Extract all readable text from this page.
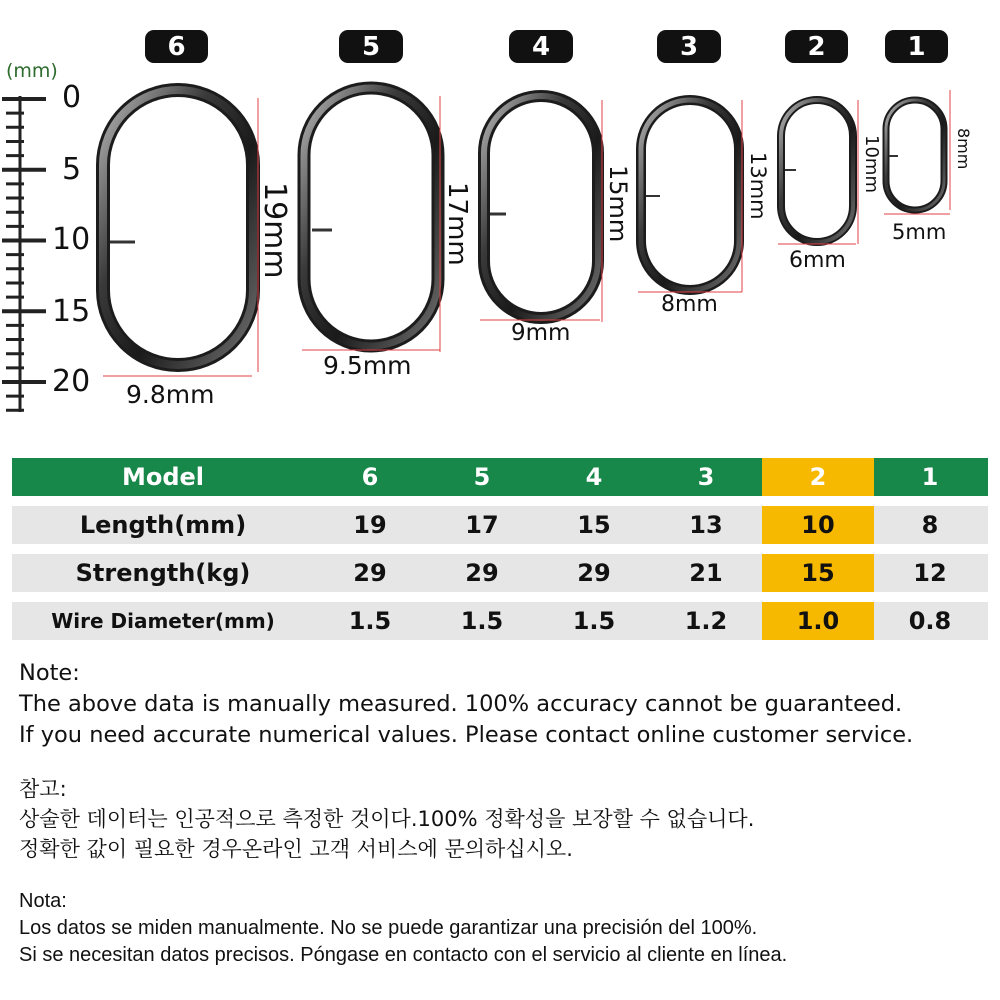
6	5	4	3	2	1
(mm)
0
5
10
15
20 9.8mm
9.5mm
9mm
8mm
6mm
5mm
19mm	17mm	15mm	13mm	10mm	8mm
Model	6	5	4	3	2	1
Length(mm)	19	17	15	13	10	8
Strength(kg)	29	29	29	21	15	12
Wire Diameter(mm)	1.5	1.5	1.5	1.2	1.0	0.8

Note:

The above data is manually measured. 100% accuracy cannot be guaranteed.

If you need accurate numerical values. Please contact online customer service.

참고:

상술한 데이터는 인공적으로 측정한 것이다.100% 정확성을 보장할 수 없습니다.

정확한 값이 필요한 경우온라인 고객 서비스에 문의하십시오.

Nota:

Los datos se miden manualmente. No se puede garantizar una precisión del 100%.

Si se necesitan datos precisos. Póngase en contacto con el servicio al cliente en línea.
